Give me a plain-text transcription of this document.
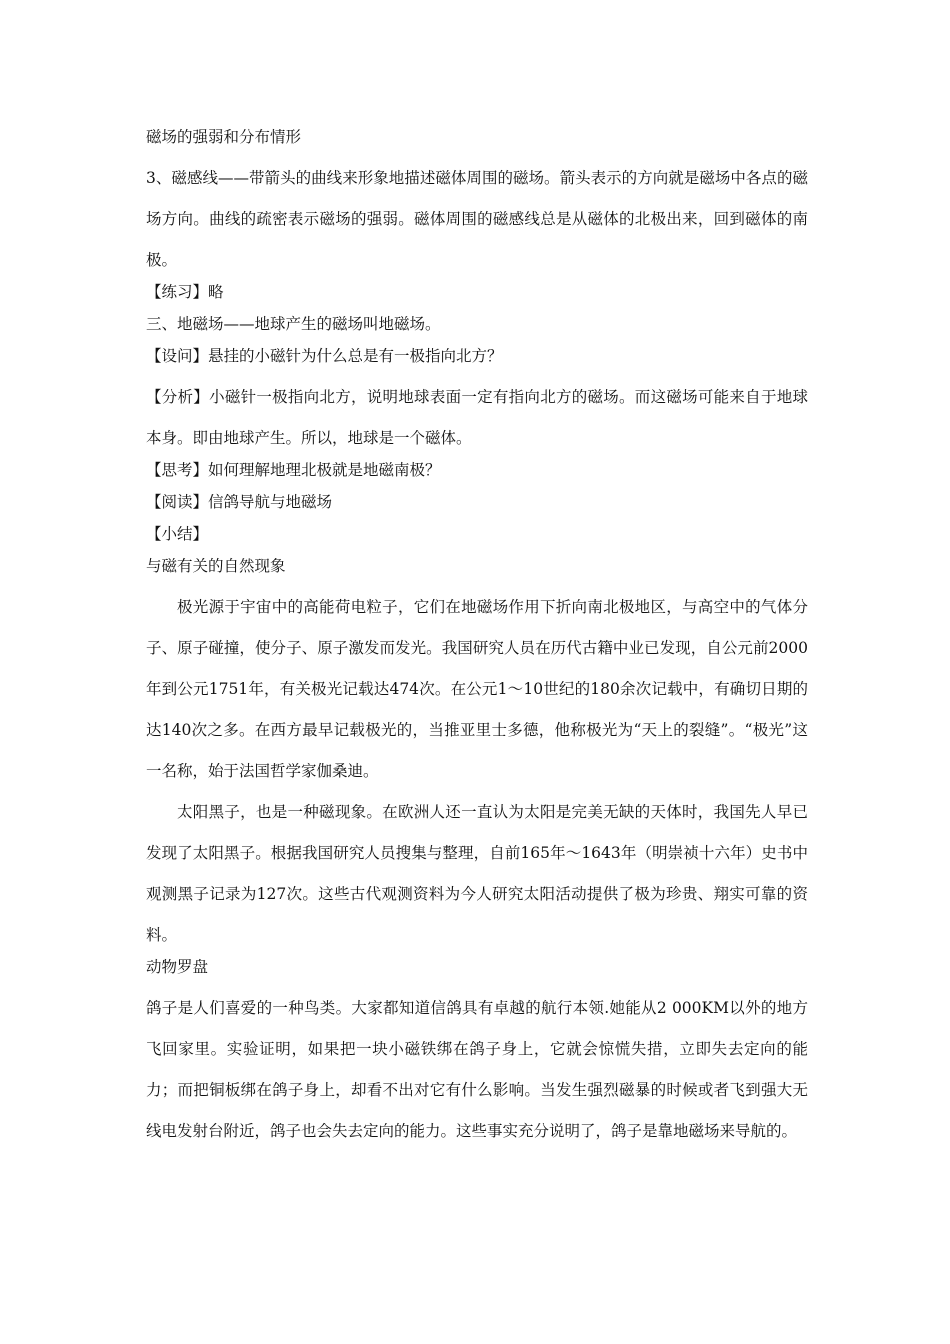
磁场的强弱和分布情形

3、磁感线——带箭头的曲线来形象地描述磁体周围的磁场。箭头表示的方向就是磁场中各点的磁场方向。曲线的疏密表示磁场的强弱。磁体周围的磁感线总是从磁体的北极出来，回到磁体的南极。

【练习】略

三、地磁场——地球产生的磁场叫地磁场。

【设问】悬挂的小磁针为什么总是有一极指向北方？

【分析】小磁针一极指向北方，说明地球表面一定有指向北方的磁场。而这磁场可能来自于地球本身。即由地球产生。所以，地球是一个磁体。

【思考】如何理解地理北极就是地磁南极？

【阅读】信鸽导航与地磁场

【小结】

与磁有关的自然现象

极光源于宇宙中的高能荷电粒子，它们在地磁场作用下折向南北极地区，与高空中的气体分子、原子碰撞，使分子、原子激发而发光。我国研究人员在历代古籍中业已发现，自公元前2000年到公元1751年，有关极光记载达474次。在公元1～10世纪的180余次记载中，有确切日期的达140次之多。在西方最早记载极光的，当推亚里士多德，他称极光为“天上的裂缝”。“极光”这一名称，始于法国哲学家伽桑迪。

太阳黑子，也是一种磁现象。在欧洲人还一直认为太阳是完美无缺的天体时，我国先人早已发现了太阳黑子。根据我国研究人员搜集与整理，自前165年～1643年（明崇祯十六年）史书中观测黑子记录为127次。这些古代观测资料为今人研究太阳活动提供了极为珍贵、翔实可靠的资料。

动物罗盘

鸽子是人们喜爱的一种鸟类。大家都知道信鸽具有卓越的航行本领.她能从2 000KM以外的地方飞回家里。实验证明，如果把一块小磁铁绑在鸽子身上，它就会惊慌失措，立即失去定向的能力；而把铜板绑在鸽子身上，却看不出对它有什么影响。当发生强烈磁暴的时候或者飞到强大无线电发射台附近，鸽子也会失去定向的能力。这些事实充分说明了，鸽子是靠地磁场来导航的。
